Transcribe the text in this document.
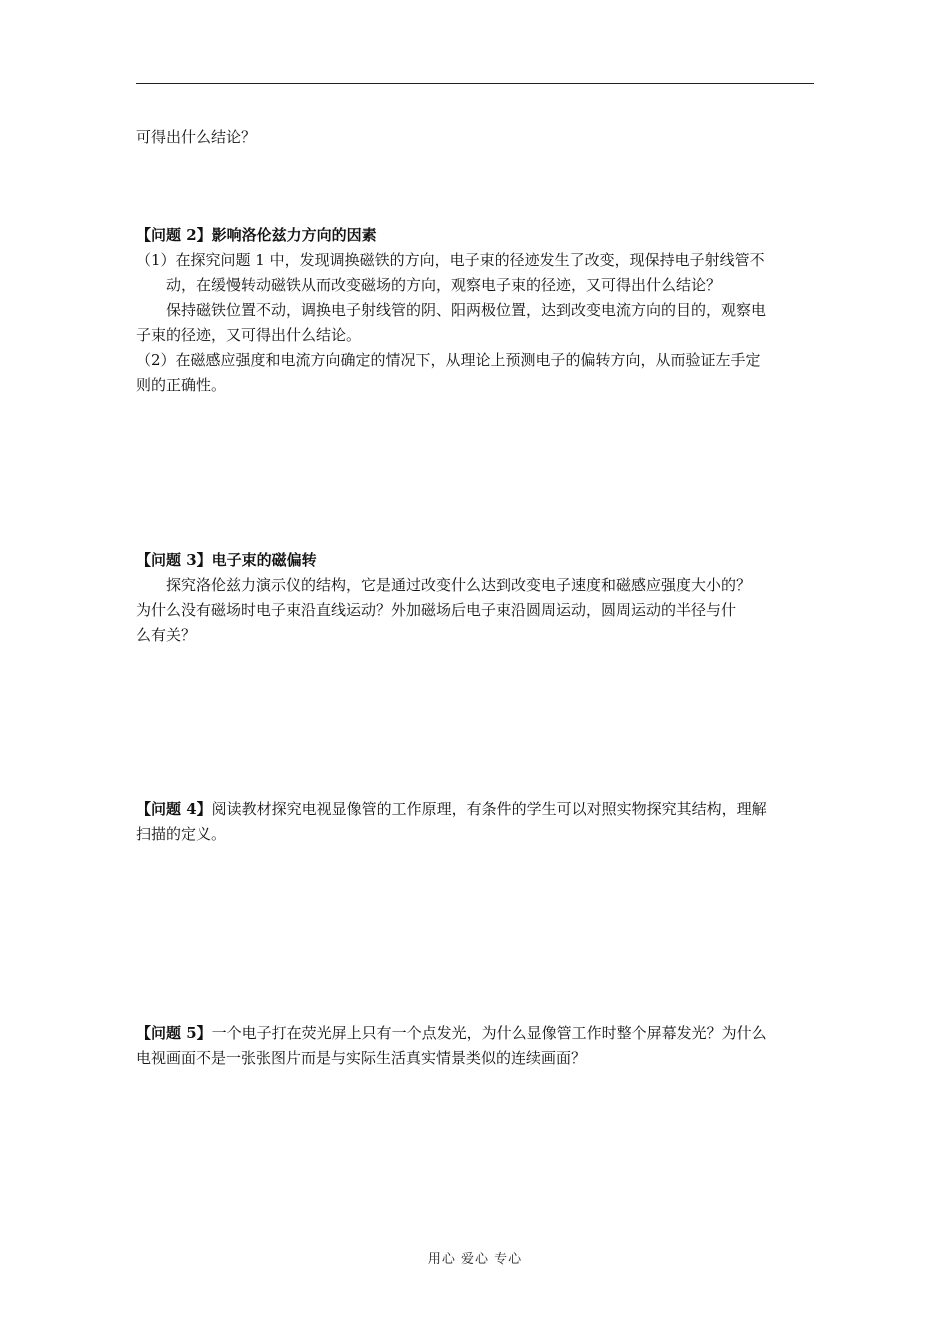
可得出什么结论？
【问题 2】影响洛伦兹力方向的因素
（1）在探究问题 1 中，发现调换磁铁的方向，电子束的径迹发生了改变，现保持电子射线管不
动，在缓慢转动磁铁从而改变磁场的方向，观察电子束的径迹，又可得出什么结论？
保持磁铁位置不动，调换电子射线管的阴、阳两极位置，达到改变电流方向的目的，观察电
子束的径迹，又可得出什么结论。
（2）在磁感应强度和电流方向确定的情况下，从理论上预测电子的偏转方向，从而验证左手定
则的正确性。
【问题 3】电子束的磁偏转
探究洛伦兹力演示仪的结构，它是通过改变什么达到改变电子速度和磁感应强度大小的？
为什么没有磁场时电子束沿直线运动？外加磁场后电子束沿圆周运动，圆周运动的半径与什
么有关？
【问题 4】阅读教材探究电视显像管的工作原理，有条件的学生可以对照实物探究其结构，理解
扫描的定义。
【问题 5】一个电子打在荧光屏上只有一个点发光，为什么显像管工作时整个屏幕发光？为什么
电视画面不是一张张图片而是与实际生活真实情景类似的连续画面？
用心 爱心 专心
